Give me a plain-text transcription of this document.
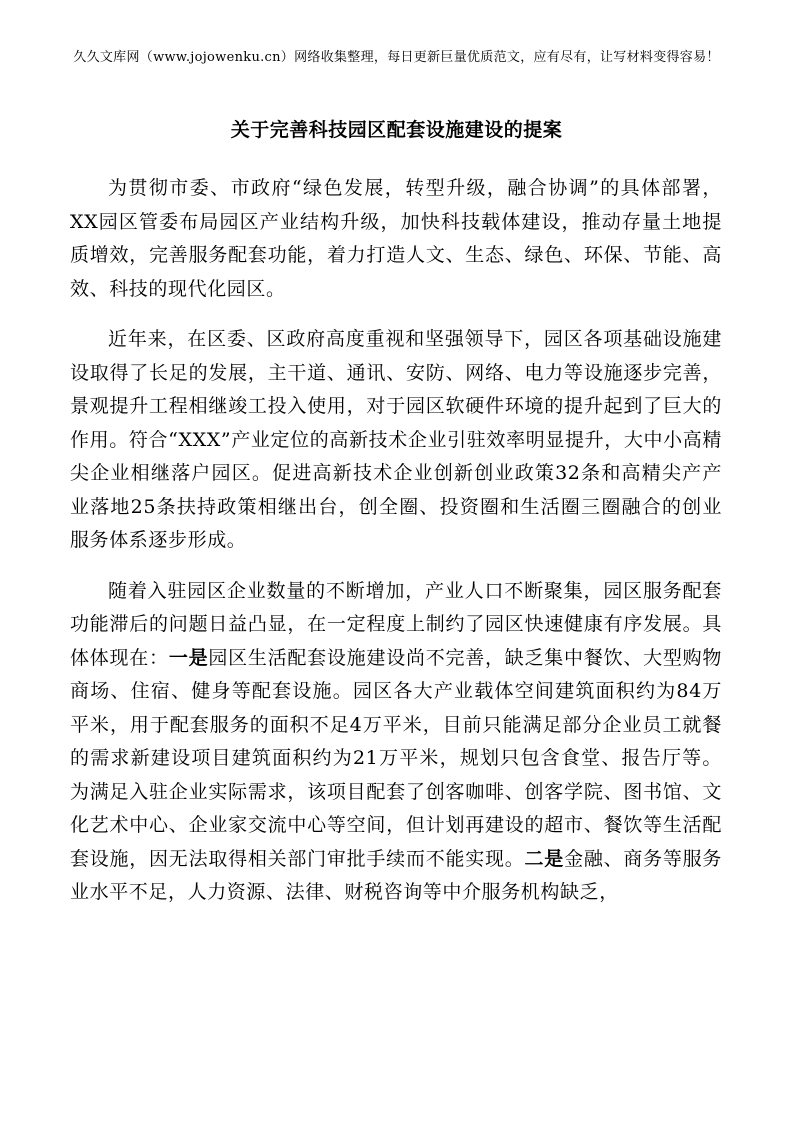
久久文库网（www.jojowenku.cn）网络收集整理，每日更新巨量优质范文，应有尽有，让写材料变得容易！
关于完善科技园区配套设施建设的提案

为贯彻市委、市政府“绿色发展，转型升级，融合协调”的具体部署，XX园区管委布局园区产业结构升级，加快科技载体建设，推动存量土地提质增效，完善服务配套功能，着力打造人文、生态、绿色、环保、节能、高效、科技的现代化园区。

近年来，在区委、区政府高度重视和坚强领导下，园区各项基础设施建设取得了长足的发展，主干道、通讯、安防、网络、电力等设施逐步完善，景观提升工程相继竣工投入使用，对于园区软硬件环境的提升起到了巨大的作用。符合“XXX”产业定位的高新技术企业引驻效率明显提升，大中小高精尖企业相继落户园区。促进高新技术企业创新创业政策32条和高精尖产产业落地25条扶持政策相继出台，创全圈、投资圈和生活圈三圈融合的创业服务体系逐步形成。

随着入驻园区企业数量的不断增加，产业人口不断聚集，园区服务配套功能滞后的问题日益凸显，在一定程度上制约了园区快速健康有序发展。具体体现在：一是园区生活配套设施建设尚不完善，缺乏集中餐饮、大型购物商场、住宿、健身等配套设施。园区各大产业载体空间建筑面积约为84万平米，用于配套服务的面积不足4万平米，目前只能满足部分企业员工就餐的需求新建设项目建筑面积约为21万平米，规划只包含食堂、报告厅等。为满足入驻企业实际需求，该项目配套了创客咖啡、创客学院、图书馆、文化艺术中心、企业家交流中心等空间，但计划再建设的超市、餐饮等生活配套设施，因无法取得相关部门审批手续而不能实现。二是金融、商务等服务业水平不足，人力资源、法律、财税咨询等中介服务机构缺乏，
